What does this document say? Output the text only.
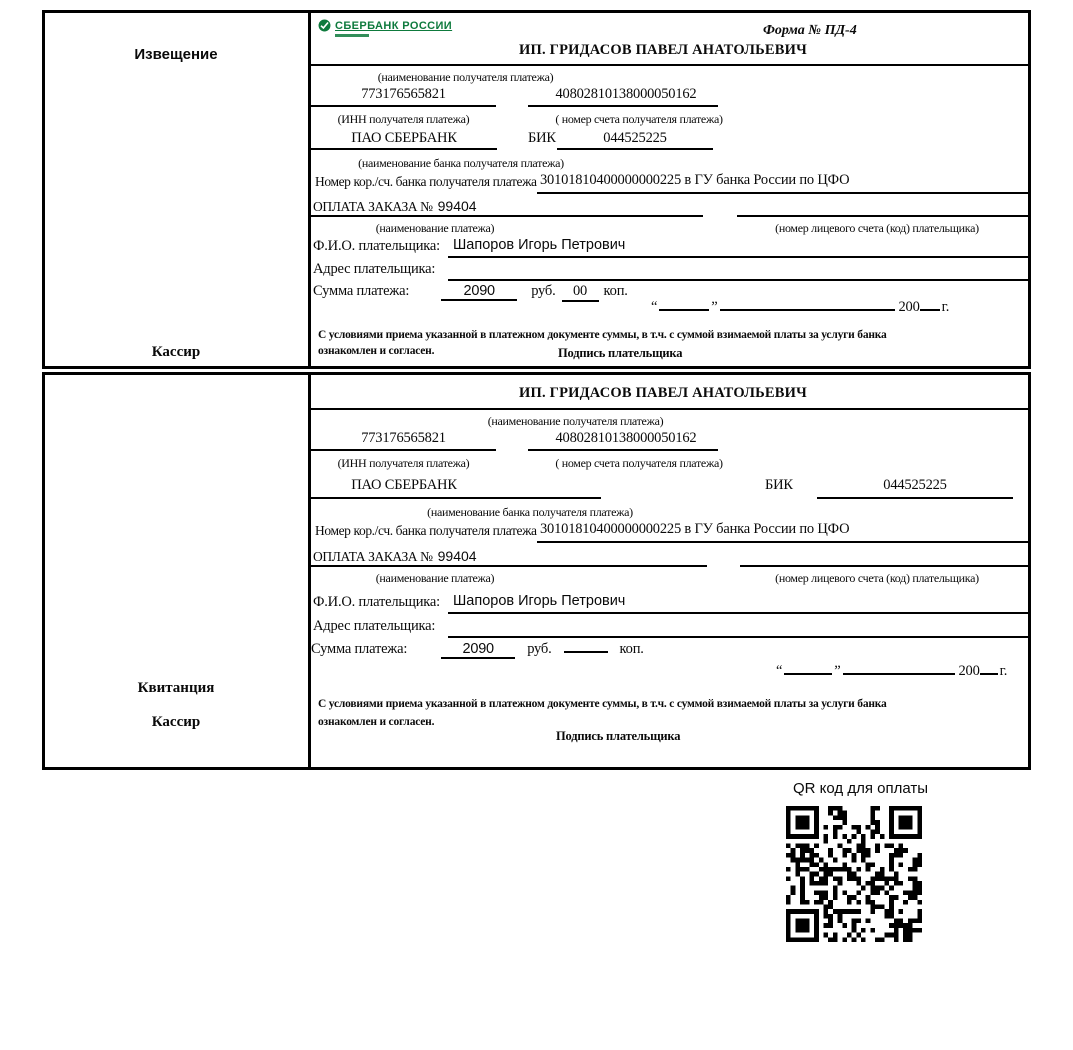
Извещение
Кассир
СБЕРБАНК РОССИИ	Форма № ПД-4
ИП. ГРИДАСОВ ПАВЕЛ АНАТОЛЬЕВИЧ
(наименование получателя платежа)
773176565821	40802810138000050162
(ИНН получателя платежа)	( номер счета получателя платежа)
ПАО СБЕРБАНК	БИК	044525225
(наименование банка получателя платежа)
Номер кор./сч. банка получателя платежа 30101810400000000225 в ГУ банка России по ЦФО
ОПЛАТА ЗАКАЗА № 99404
(наименование платежа)	(номер лицевого счета (код) плательщика)
Ф.И.О. плательщика: Шапоров Игорь Петрович
Адрес плательщика:
Сумма платежа:	2090	руб.	00	коп.
“	”	200 г.
С условиями приема указанной в платежном документе суммы, в т.ч. с суммой взимаемой платы за услуги банка
ознакомлен и согласен.	Подпись плательщика
Квитанция
Кассир
ИП. ГРИДАСОВ ПАВЕЛ АНАТОЛЬЕВИЧ
(наименование получателя платежа)
773176565821	40802810138000050162
(ИНН получателя платежа)	( номер счета получателя платежа)
ПАО СБЕРБАНК	БИК	044525225
(наименование банка получателя платежа)
Номер кор./сч. банка получателя платежа 30101810400000000225 в ГУ банка России по ЦФО
ОПЛАТА ЗАКАЗА № 99404
(наименование платежа)	(номер лицевого счета (код) плательщика)
Ф.И.О. плательщика: Шапоров Игорь Петрович
Адрес плательщика:
Сумма платежа:	2090	руб.	коп.
“	”	200 г.
С условиями приема указанной в платежном документе суммы, в т.ч. с суммой взимаемой платы за услуги банка
ознакомлен и согласен.
Подпись плательщика
QR код для оплаты
